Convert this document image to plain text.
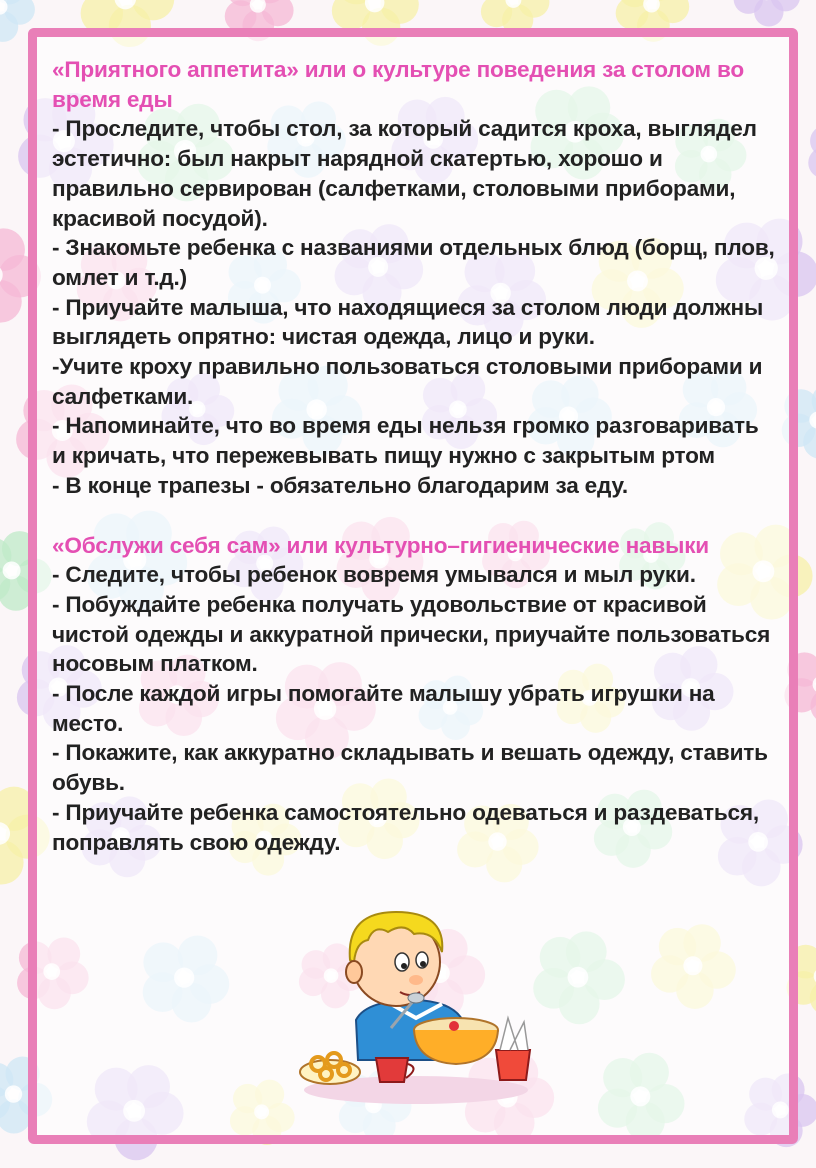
«Приятного аппетита» или о культуре поведения за столом во время еды

- Проследите, чтобы стол, за который садится кроха, выглядел эстетично: был накрыт нарядной скатертью, хорошо и правильно сервирован (салфетками, столовыми приборами, красивой посудой).

- Знакомьте ребенка с названиями отдельных блюд (борщ, плов, омлет и т.д.)

- Приучайте малыша, что находящиеся за столом люди должны выглядеть опрятно: чистая одежда, лицо и руки.

-Учите кроху правильно пользоваться столовыми приборами и салфетками.

- Напоминайте, что во время еды нельзя громко разговаривать и кричать, что пережевывать пищу нужно с закрытым ртом

- В конце трапезы - обязательно благодарим за еду.

«Обслужи себя сам» или культурно–гигиенические навыки

- Следите, чтобы ребенок вовремя умывался и мыл руки.

- Побуждайте ребенка получать удовольствие от красивой чистой одежды и аккуратной прически, приучайте пользоваться носовым платком.

- После каждой игры помогайте малышу убрать игрушки на место.

- Покажите, как аккуратно складывать и вешать одежду, ставить обувь.

- Приучайте ребенка самостоятельно одеваться и раздеваться, поправлять свою одежду.
